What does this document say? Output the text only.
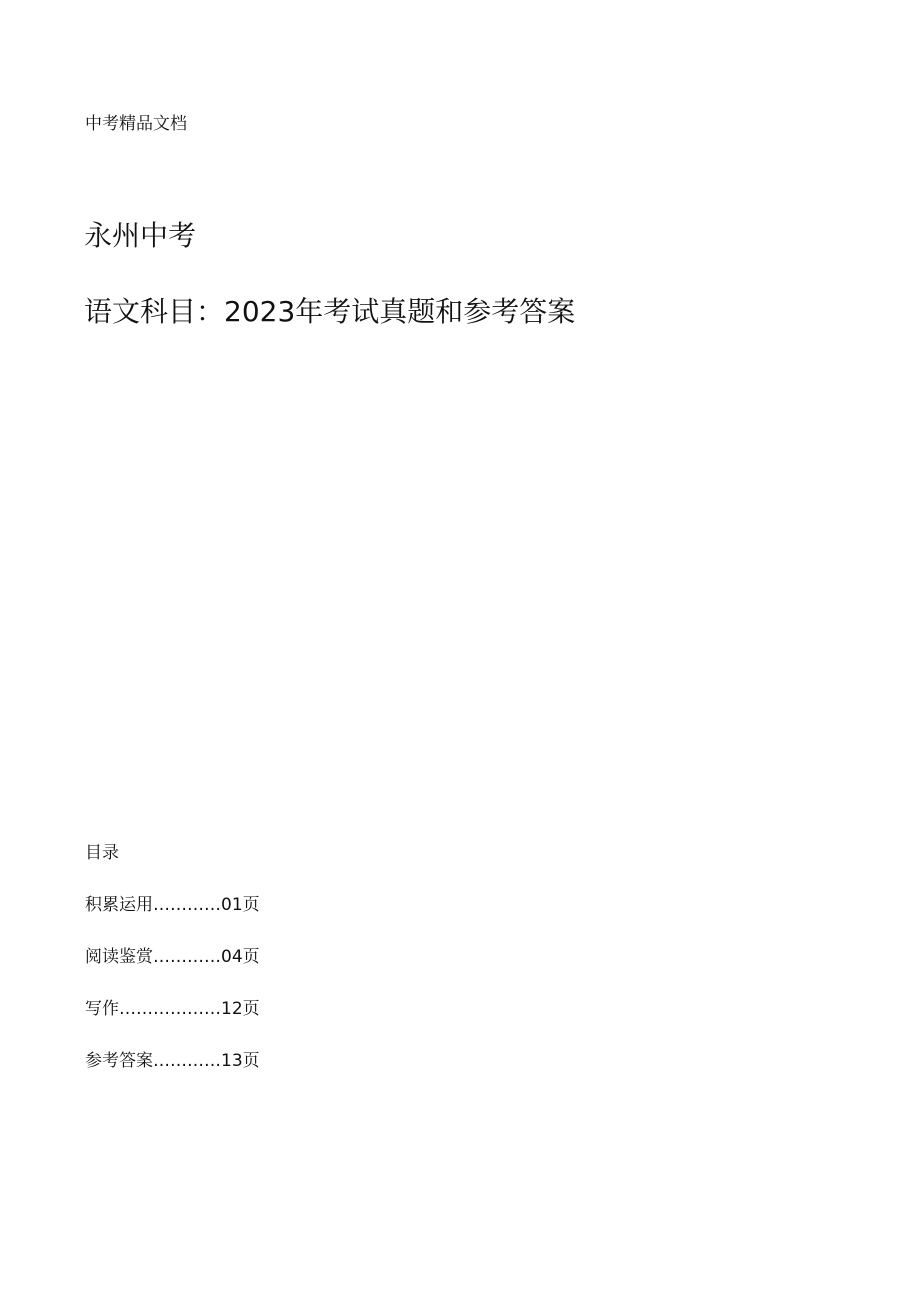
中考精品文档
永州中考
语文科目：2023年考试真题和参考答案
目录
积累运用…………01页
阅读鉴赏…………04页
写作………………12页
参考答案…………13页
